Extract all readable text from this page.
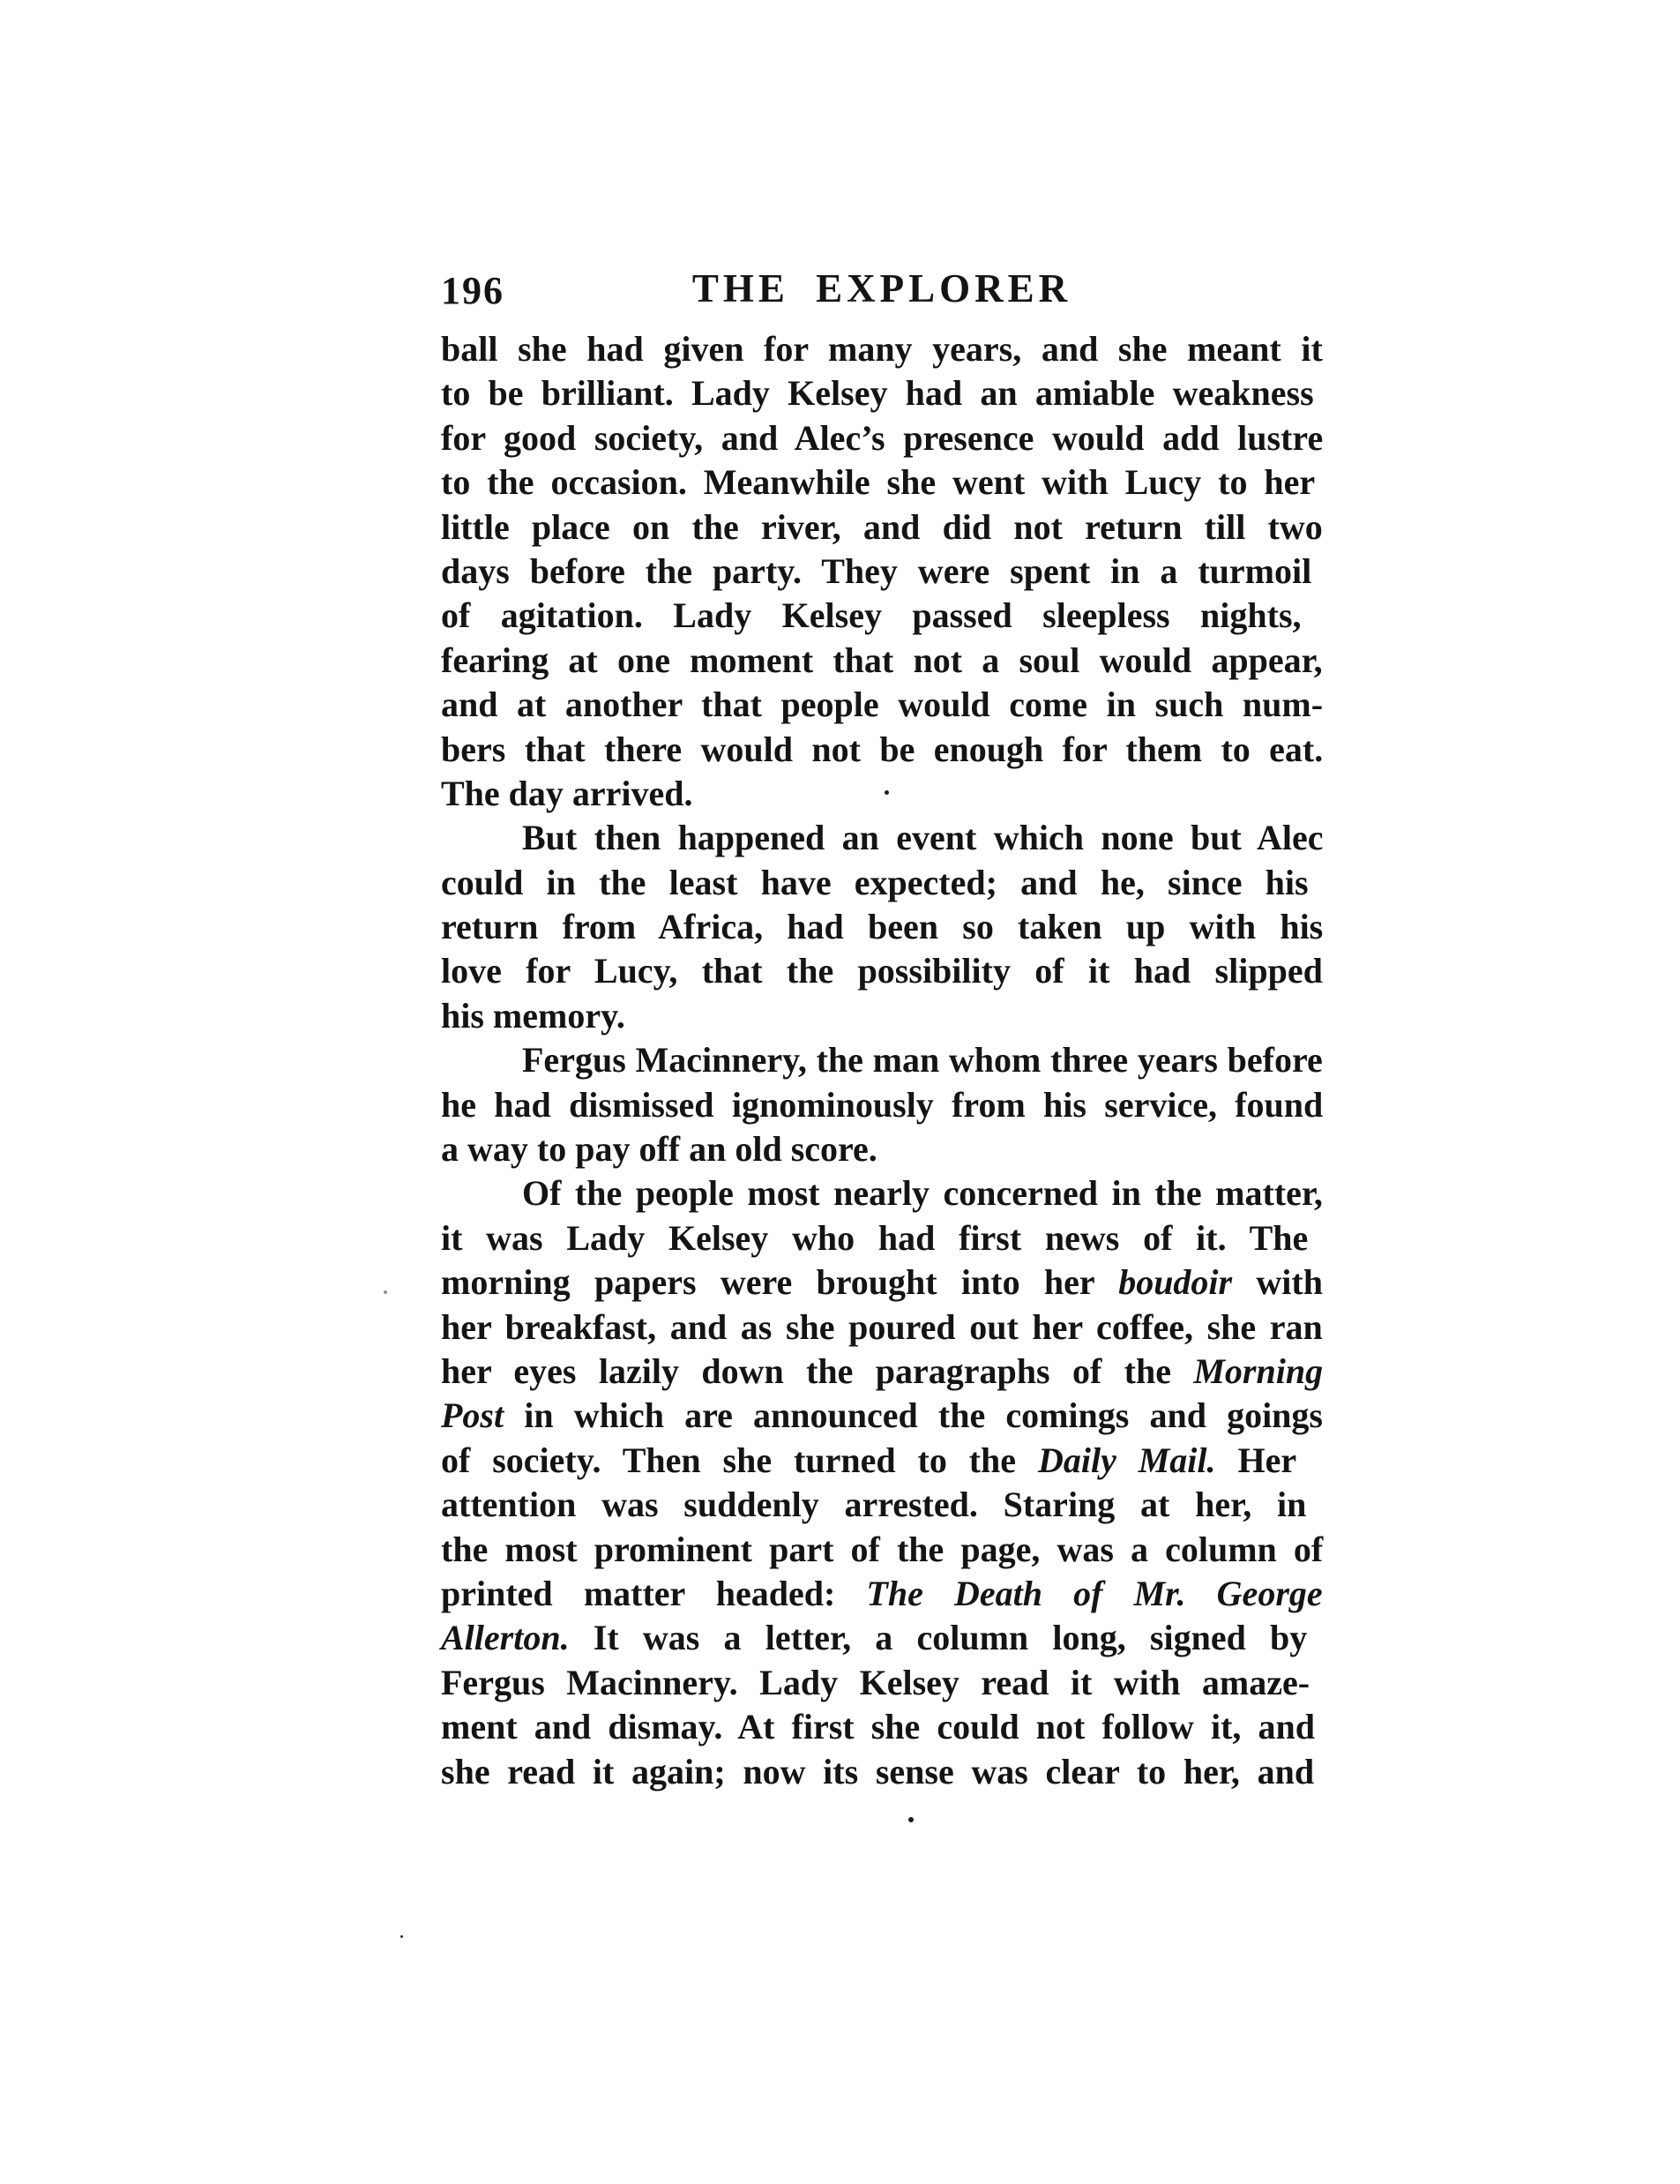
196	THE EXPLORER
ball she had given for many years, and she meant it
to be brilliant. Lady Kelsey had an amiable weakness
for good society, and Alec’s presence would add lustre
to the occasion. Meanwhile she went with Lucy to her
little place on the river, and did not return till two
days before the party. They were spent in a turmoil
of agitation. Lady Kelsey passed sleepless nights,
fearing at one moment that not a soul would appear,
and at another that people would come in such num-
bers that there would not be enough for them to eat.
The day arrived.
But then happened an event which none but Alec
could in the least have expected; and he, since his
return from Africa, had been so taken up with his
love for Lucy, that the possibility of it had slipped
his memory.
Fergus Macinnery, the man whom three years before
he had dismissed ignominously from his service, found
a way to pay off an old score.
Of the people most nearly concerned in the matter,
it was Lady Kelsey who had first news of it. The
morning papers were brought into her boudoir with
her breakfast, and as she poured out her coffee, she ran
her eyes lazily down the paragraphs of the Morning
Post in which are announced the comings and goings
of society. Then she turned to the Daily Mail. Her
attention was suddenly arrested. Staring at her, in
the most prominent part of the page, was a column of
printed matter headed: The Death of Mr. George
Allerton. It was a letter, a column long, signed by
Fergus Macinnery. Lady Kelsey read it with amaze-
ment and dismay. At first she could not follow it, and
she read it again; now its sense was clear to her, and
